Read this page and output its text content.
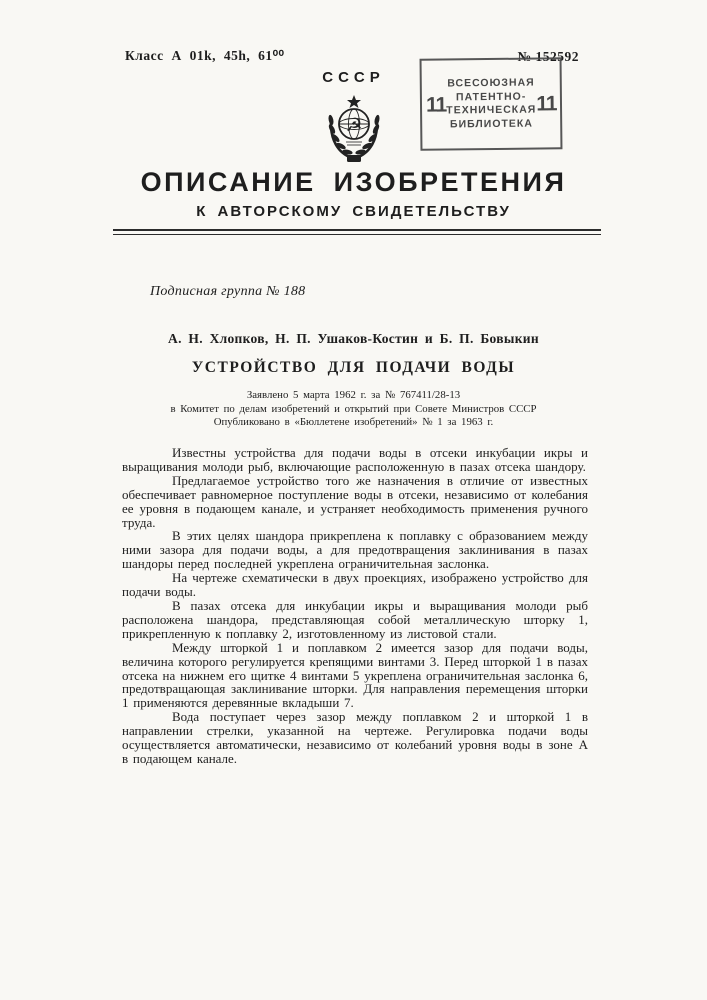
Класс А 01k, 45h, 61⁰⁰	№ 152592
СССР
☭
11
ВСЕСОЮЗНАЯ
ПАТЕНТНО-
ТЕХНИЧЕСКАЯ
БИБЛИОТЕКА
11
ОПИСАНИЕ ИЗОБРЕТЕНИЯ
К АВТОРСКОМУ СВИДЕТЕЛЬСТВУ
Подписная группа № 188
А. Н. Хлопков, Н. П. Ушаков-Костин и Б. П. Бовыкин
УСТРОЙСТВО ДЛЯ ПОДАЧИ ВОДЫ
Заявлено 5 марта 1962 г. за № 767411/28-13
в Комитет по делам изобретений и открытий при Совете Министров СССР
Опубликовано в «Бюллетене изобретений» № 1 за 1963 г.

Известны устройства для подачи воды в отсеки инкубации икры и выращивания молоди рыб, включающие расположенную в пазах отсека шандору.

Предлагаемое устройство того же назначения в отличие от известных обеспечивает равномерное поступление воды в отсеки, независимо от колебания ее уровня в подающем канале, и устраняет необходимость применения ручного труда.

В этих целях шандора прикреплена к поплавку с образованием между ними зазора для подачи воды, а для предотвращения заклинивания в пазах шандоры перед последней укреплена ограничительная заслонка.

На чертеже схематически в двух проекциях, изображено устройство для подачи воды.

В пазах отсека для инкубации икры и выращивания молоди рыб расположена шандора, представляющая собой металлическую шторку 1, прикрепленную к поплавку 2, изготовленному из листовой стали.

Между шторкой 1 и поплавком 2 имеется зазор для подачи воды, величина которого регулируется крепящими винтами 3. Перед шторкой 1 в пазах отсека на нижнем его щитке 4 винтами 5 укреплена ограничительная заслонка 6, предотвращающая заклинивание шторки. Для направления перемещения шторки 1 применяются деревянные вкладыши 7.

Вода поступает через зазор между поплавком 2 и шторкой 1 в направлении стрелки, указанной на чертеже. Регулировка подачи воды осуществляется автоматически, независимо от колебаний уровня воды в зоне А в подающем канале.
